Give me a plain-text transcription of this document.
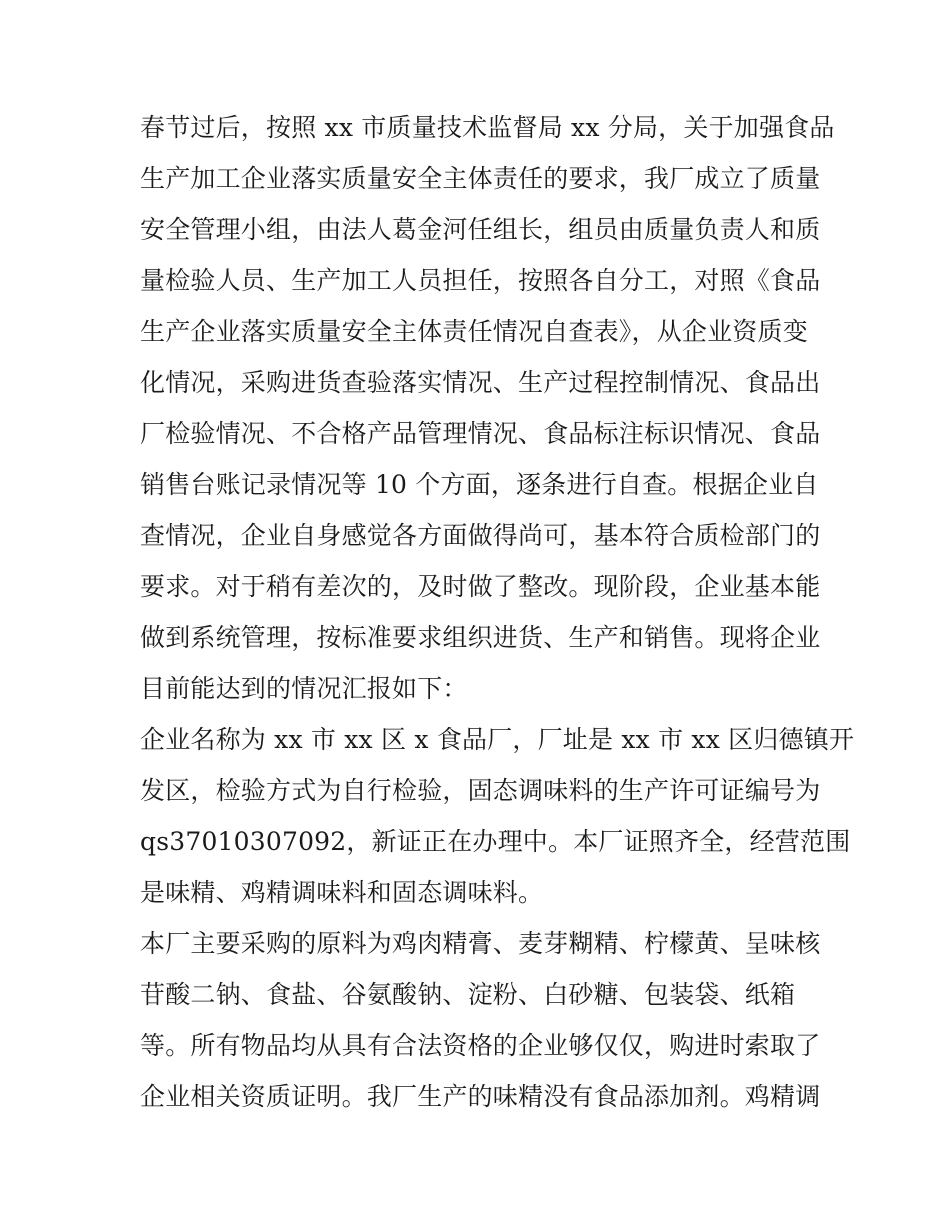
春节过后，按照 xx 市质量技术监督局 xx 分局，关于加强食品
生产加工企业落实质量安全主体责任的要求，我厂成立了质量
安全管理小组，由法人葛金河任组长，组员由质量负责人和质
量检验人员、生产加工人员担任，按照各自分工，对照《食品
生产企业落实质量安全主体责任情况自查表》，从企业资质变
化情况，采购进货查验落实情况、生产过程控制情况、食品出
厂检验情况、不合格产品管理情况、食品标注标识情况、食品
销售台账记录情况等 10 个方面，逐条进行自查。根据企业自
查情况，企业自身感觉各方面做得尚可，基本符合质检部门的
要求。对于稍有差次的，及时做了整改。现阶段，企业基本能
做到系统管理，按标准要求组织进货、生产和销售。现将企业
目前能达到的情况汇报如下：
企业名称为 xx 市 xx 区 x 食品厂，厂址是 xx 市 xx 区归德镇开
发区，检验方式为自行检验，固态调味料的生产许可证编号为
qs37010307092，新证正在办理中。本厂证照齐全，经营范围
是味精、鸡精调味料和固态调味料。
本厂主要采购的原料为鸡肉精膏、麦芽糊精、柠檬黄、呈味核
苷酸二钠、食盐、谷氨酸钠、淀粉、白砂糖、包装袋、纸箱
等。所有物品均从具有合法资格的企业够仅仅，购进时索取了
企业相关资质证明。我厂生产的味精没有食品添加剂。鸡精调
